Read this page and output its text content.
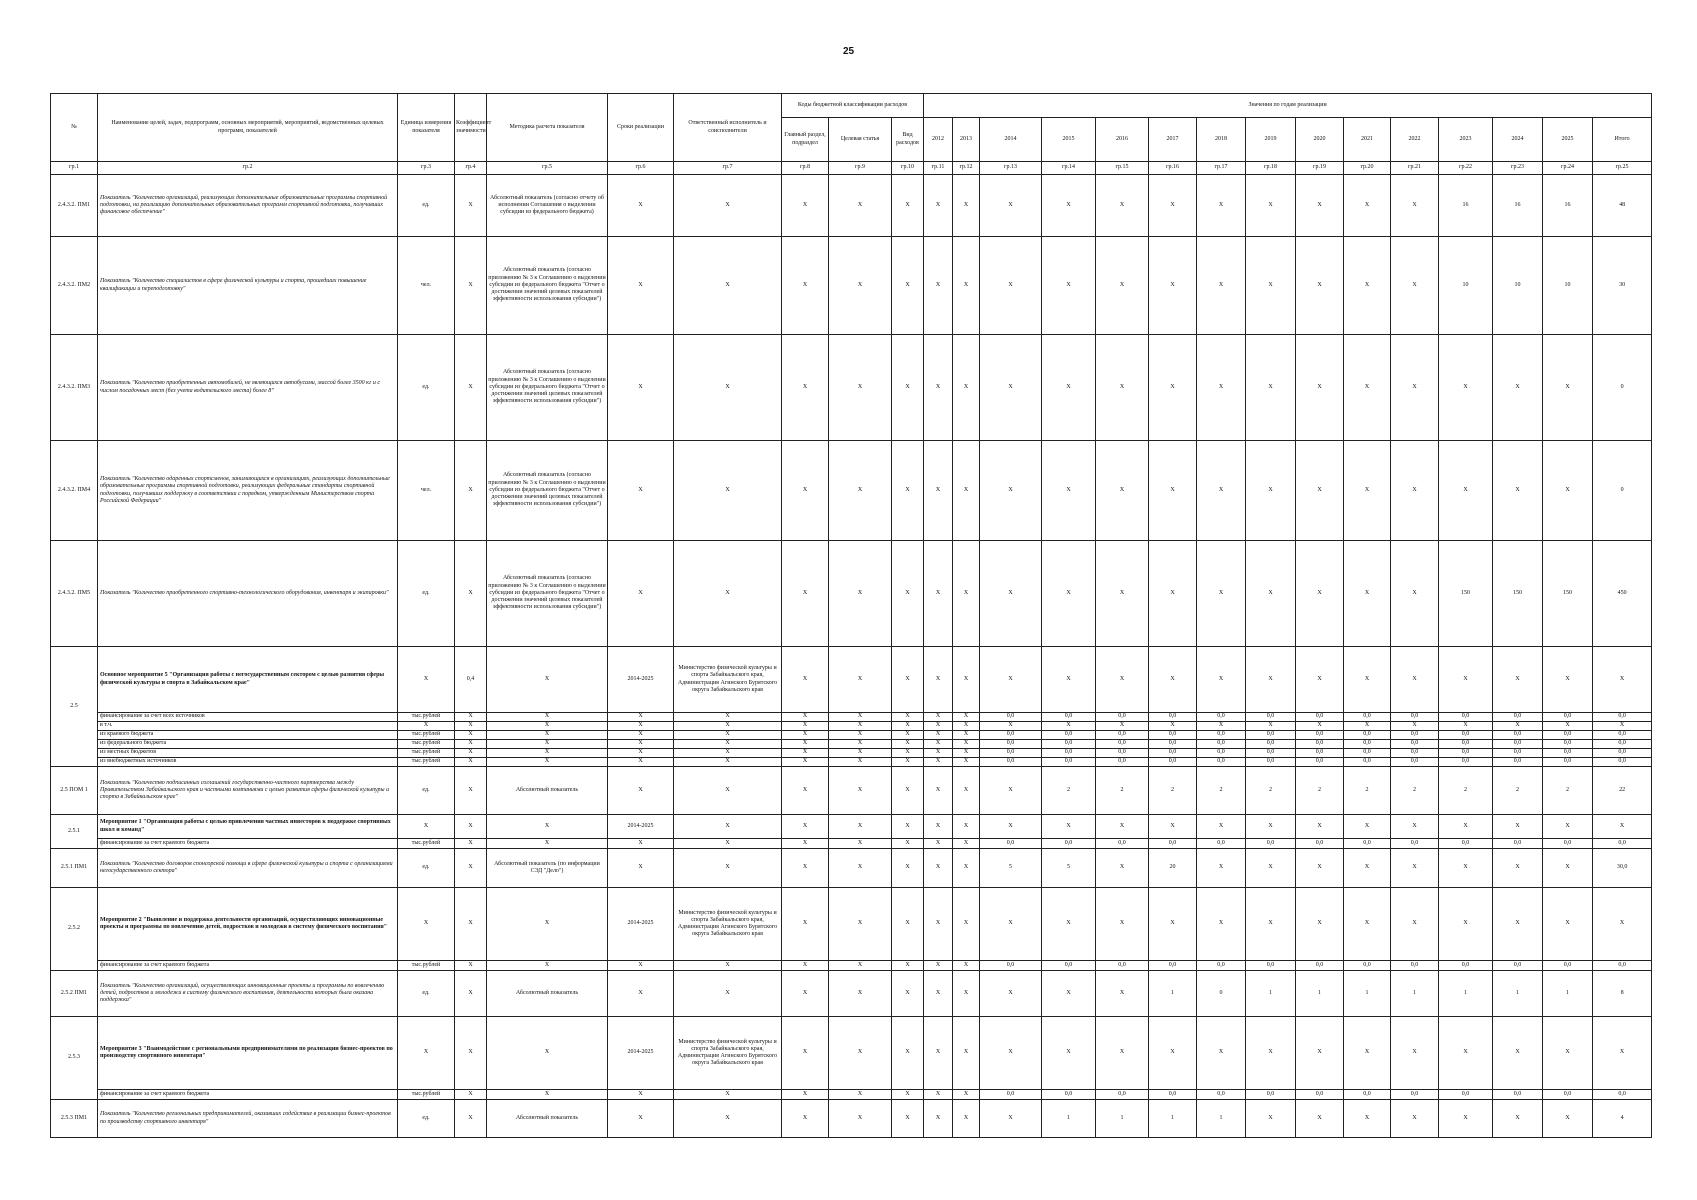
25
№	Наименование целей, задач, подпрограмм, основных мероприятий, мероприятий, ведомственных целевых программ, показателей	Единица измерения показателя	Коэффициент значимости	Методика расчета показателя	Сроки реализации	Ответственный исполнитель и соисполнители	Коды бюджетной классификации расходов			Значения по годам реализации														
							Главный раздел, подраздел	Целевая статья	Вид расходов	2012	2013	2014	2015	2016	2017	2018	2019	2020	2021	2022	2023	2024	2025	Итого
гр.1	гр.2	гр.3	гр.4	гр.5	гр.6	гр.7	гр.8	гр.9	гр.10	гр.11	гр.12	гр.13	гр.14	гр.15	гр.16	гр.17	гр.18	гр.19	гр.20	гр.21	гр.22	гр.23	гр.24	гр.25
2.4.3.2. ПМ1	Показатель "Количество организаций, реализующих дополнительные образовательные программы спортивной подготовки, на реализацию дополнительных образовательных программ спортивной подготовки, получивших финансовое обеспечение"	ед.	X	Абсолютный показатель (согласно отчету об исполнении Соглашения о выделении субсидии из федерального бюджета)	X	X	X	X	X	X	X	X	X	X	X	X	X	X	X	X	16	16	16	48
2.4.3.2. ПМ2	Показатель "Количество специалистов в сфере физической культуры и спорта, прошедших повышение квалификации и переподготовку"	чел.	X	Абсолютный показатель (согласно приложению № 3 к Соглашению о выделении субсидии из федерального бюджета "Отчет о достижении значений целевых показателей эффективности использования субсидии")	X	X	X	X	X	X	X	X	X	X	X	X	X	X	X	X	10	10	10	30
2.4.3.2. ПМ3	Показатель "Количество приобретенных автомобилей, не являющихся автобусами, массой более 3500 кг и с числом посадочных мест (без учета водительского места) более 8"	ед.	X	Абсолютный показатель (согласно приложению № 3 к Соглашению о выделении субсидии из федерального бюджета "Отчет о достижении значений целевых показателей эффективности использования субсидии")	X	X	X	X	X	X	X	X	X	X	X	X	X	X	X	X	X	X	X	0
2.4.3.2. ПМ4	Показатель "Количество одаренных спортсменов, занимающихся в организациях, реализующих дополнительные образовательные программы спортивной подготовки, реализующих федеральные стандарты спортивной подготовки, получивших поддержку в соответствии с порядком, утвержденным Министерством спорта Российской Федерации"	чел.	X	Абсолютный показатель (согласно приложению № 3 к Соглашению о выделении субсидии из федерального бюджета "Отчет о достижении значений целевых показателей эффективности использования субсидии")	X	X	X	X	X	X	X	X	X	X	X	X	X	X	X	X	X	X	X	0
2.4.3.2. ПМ5	Показатель "Количество приобретенного спортивно-технологического оборудования, инвентаря и экипировки"	ед.	X	Абсолютный показатель (согласно приложению № 3 к Соглашению о выделении субсидии из федерального бюджета "Отчет о достижении значений целевых показателей эффективности использования субсидии")	X	X	X	X	X	X	X	X	X	X	X	X	X	X	X	X	150	150	150	450
2.5	Основное мероприятие 5 "Организация работы с негосударственным сектором с целью развития сферы физической культуры и спорта в Забайкальском крае"	X	0,4	X	2014-2025	Министерство физической культуры и спорта Забайкальского края, Администрация Агинского Бурятского округа Забайкальского края	X	X	X	X	X	X	X	X	X	X	X	X	X	X	X	X	X	X
	финансирование за счет всех источников	тыс.рублей	X	X	X	X	X	X	X	X	X	0,0	0,0	0,0	0,0	0,0	0,0	0,0	0,0	0,0	0,0	0,0	0,0	0,0
	в т.ч.	X	X	X	X	X	X	X	X	X	X	X	X	X	X	X	X	X	X	X	X	X	X	X
	из краевого бюджета	тыс.рублей	X	X	X	X	X	X	X	X	X	0,0	0,0	0,0	0,0	0,0	0,0	0,0	0,0	0,0	0,0	0,0	0,0	0,0
	из федерального бюджета	тыс.рублей	X	X	X	X	X	X	X	X	X	0,0	0,0	0,0	0,0	0,0	0,0	0,0	0,0	0,0	0,0	0,0	0,0	0,0
	из местных бюджетов	тыс.рублей	X	X	X	X	X	X	X	X	X	0,0	0,0	0,0	0,0	0,0	0,0	0,0	0,0	0,0	0,0	0,0	0,0	0,0
	из внебюджетных источников	тыс.рублей	X	X	X	X	X	X	X	X	X	0,0	0,0	0,0	0,0	0,0	0,0	0,0	0,0	0,0	0,0	0,0	0,0	0,0
2.5 ПОМ 1	Показатель "Количество подписанных соглашений государственно-частного партнерства между Правительством Забайкальского края и частными компаниями с целью развития сферы физической культуры и спорта в Забайкальском крае"	ед.	X	Абсолютный показатель	X	X	X	X	X	X	X	X	2	2	2	2	2	2	2	2	2	2	2	22
2.5.1	Мероприятие 1 "Организация работы с целью привлечения частных инвесторов к поддержке спортивных школ и команд"	X	X	X	2014-2025	X	X	X	X	X	X	X	X	X	X	X	X	X	X	X	X	X	X	X
	финансирование за счет краевого бюджета	тыс.рублей	X	X	X	X	X	X	X	X	X	0,0	0,0	0,0	0,0	0,0	0,0	0,0	0,0	0,0	0,0	0,0	0,0	0,0
2.5.1 ПМ1	Показатель "Количество договоров спонсорской помощи в сфере физической культуры и спорта с организациями негосударственного сектора"	ед.	X	Абсолютный показатель (по информации СЭД "Дело")	X	X	X	X	X	X	X	5	5	X	20	X	X	X	X	X	X	X	X	30,0
2.5.2	Мероприятие 2 "Выявление и поддержка деятельности организаций, осуществляющих инновационные проекты и программы по вовлечению детей, подростков и молодежи в систему физического воспитания"	X	X	X	2014-2025	Министерство физической культуры и спорта Забайкальского края, Администрация Агинского Бурятского округа Забайкальского края	X	X	X	X	X	X	X	X	X	X	X	X	X	X	X	X	X	X
	финансирование за счет краевого бюджета	тыс.рублей	X	X	X	X	X	X	X	X	X	0,0	0,0	0,0	0,0	0,0	0,0	0,0	0,0	0,0	0,0	0,0	0,0	0,0
2.5.2 ПМ1	Показатель "Количество организаций, осуществляющих инновационные проекты и программы по вовлечению детей, подростков и молодежи в систему физического воспитания, деятельности которых была оказана поддержка"	ед.	X	Абсолютный показатель	X	X	X	X	X	X	X	X	X	X	1	0	1	1	1	1	1	1	1	8
2.5.3	Мероприятие 3 "Взаимодействие с региональными предпринимателями по реализации бизнес-проектов по производству спортивного инвентаря"	X	X	X	2014-2025	Министерство физической культуры и спорта Забайкальского края, Администрация Агинского Бурятского округа Забайкальского края	X	X	X	X	X	X	X	X	X	X	X	X	X	X	X	X	X	X
	финансирование за счет краевого бюджета	тыс.рублей	X	X	X	X	X	X	X	X	X	0,0	0,0	0,0	0,0	0,0	0,0	0,0	0,0	0,0	0,0	0,0	0,0	0,0
2.5.3 ПМ1	Показатель "Количество региональных предпринимателей, оказавших содействие в реализации бизнес-проектов по производству спортивного инвентаря"	ед.	X	Абсолютный показатель	X	X	X	X	X	X	X	X	1	1	1	1	X	X	X	X	X	X	X	4
